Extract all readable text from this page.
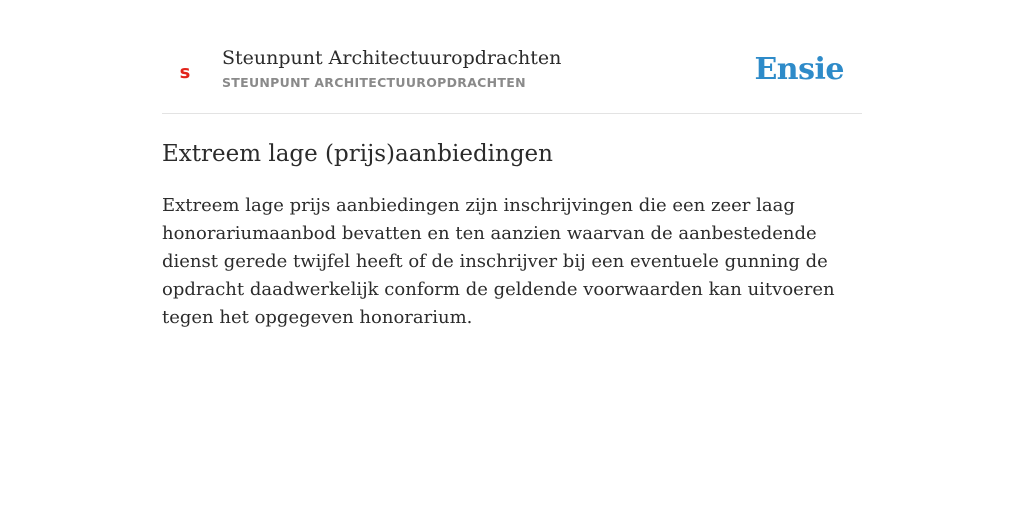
s
Steunpunt Architectuuropdrachten
STEUNPUNT ARCHITECTUUROPDRACHTEN	Ensie
Extreem lage (prijs)aanbiedingen

Extreem lage prijs aanbiedingen zijn inschrijvingen die een zeer laag honorariumaanbod bevatten en ten aanzien waarvan de aanbestedende dienst gerede twijfel heeft of de inschrijver bij een eventuele gunning de opdracht daadwerkelijk conform de geldende voorwaarden kan uitvoeren tegen het opgegeven honorarium.
